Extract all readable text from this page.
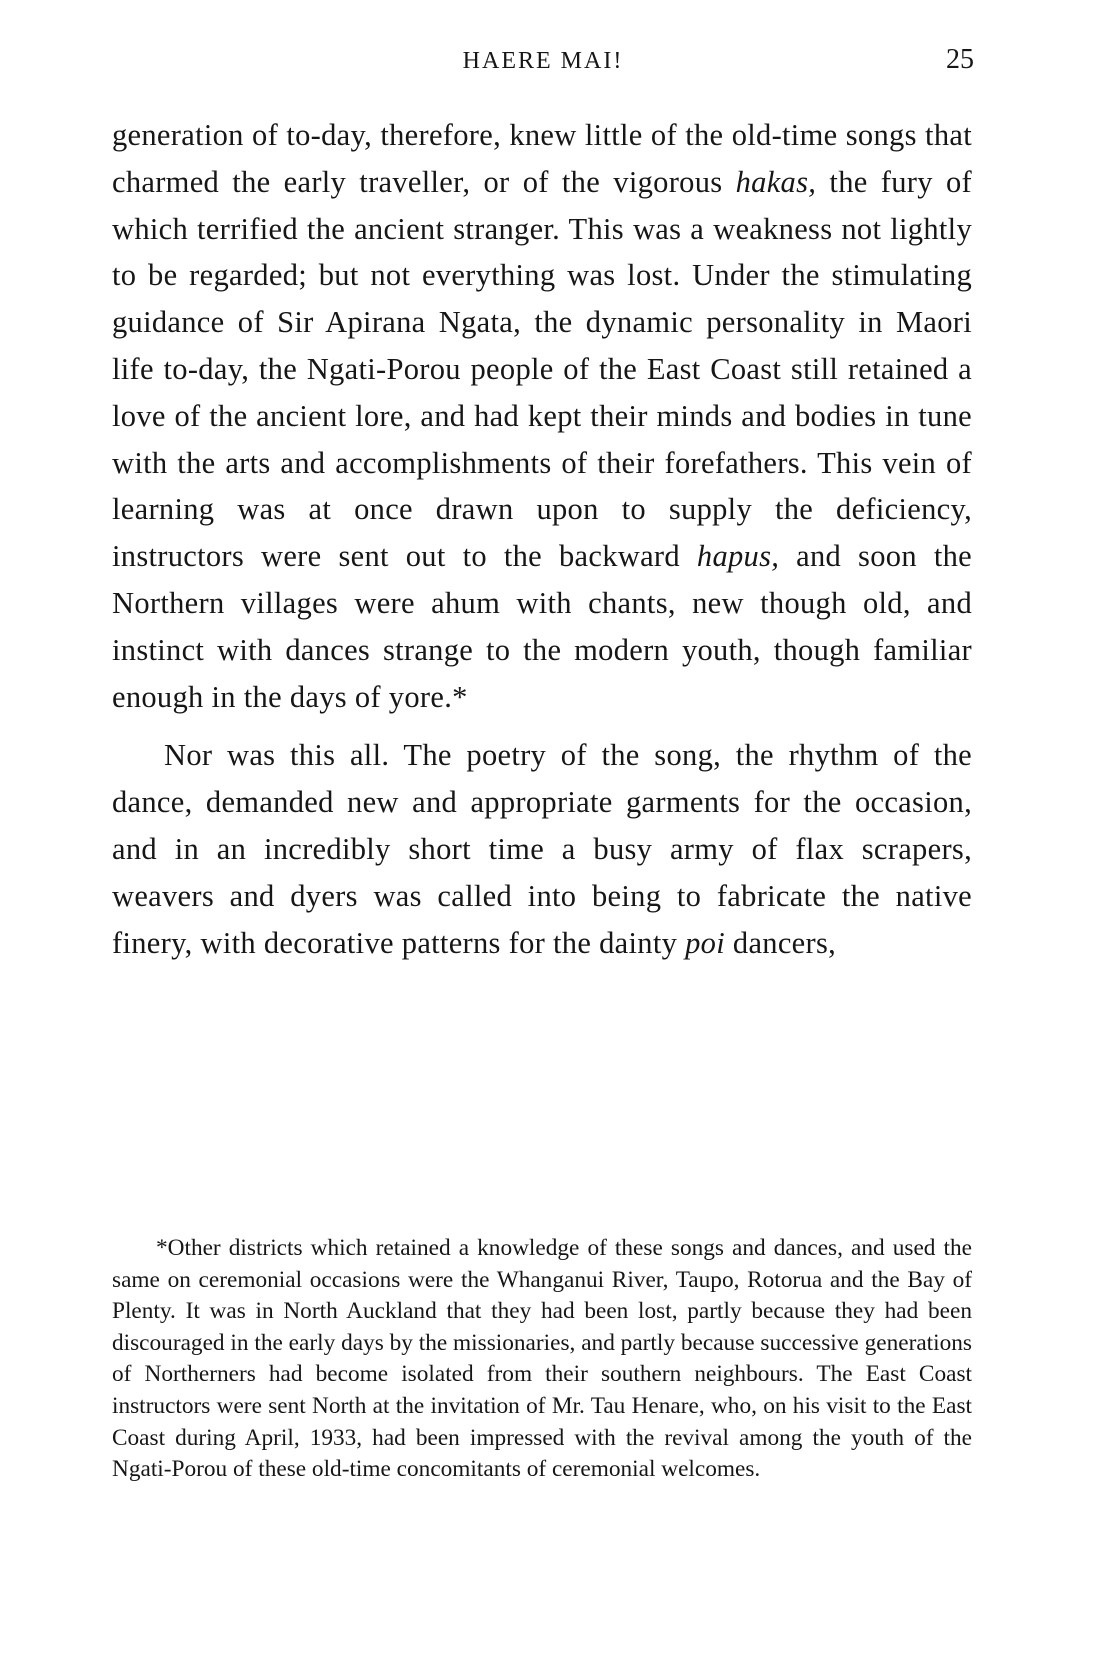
HAERE MAI!	25

generation of to-day, therefore, knew little of the old-time songs that charmed the early traveller, or of the vigorous hakas, the fury of which terrified the ancient stranger. This was a weakness not lightly to be regarded; but not everything was lost. Under the stimulating guidance of Sir Apirana Ngata, the dynamic personality in Maori life to-day, the Ngati-Porou people of the East Coast still retained a love of the ancient lore, and had kept their minds and bodies in tune with the arts and accomplishments of their forefathers. This vein of learning was at once drawn upon to supply the deficiency, instructors were sent out to the backward hapus, and soon the Northern villages were ahum with chants, new though old, and instinct with dances strange to the modern youth, though familiar enough in the days of yore.*

Nor was this all. The poetry of the song, the rhythm of the dance, demanded new and appropriate garments for the occasion, and in an incredibly short time a busy army of flax scrapers, weavers and dyers was called into being to fabricate the native finery, with decorative patterns for the dainty poi dancers,

*Other districts which retained a knowledge of these songs and dances, and used the same on ceremonial occasions were the Whanganui River, Taupo, Rotorua and the Bay of Plenty. It was in North Auckland that they had been lost, partly because they had been discouraged in the early days by the missionaries, and partly because successive generations of Northerners had become isolated from their southern neighbours. The East Coast instructors were sent North at the invitation of Mr. Tau Henare, who, on his visit to the East Coast during April, 1933, had been impressed with the revival among the youth of the Ngati-Porou of these old-time concomitants of ceremonial welcomes.
